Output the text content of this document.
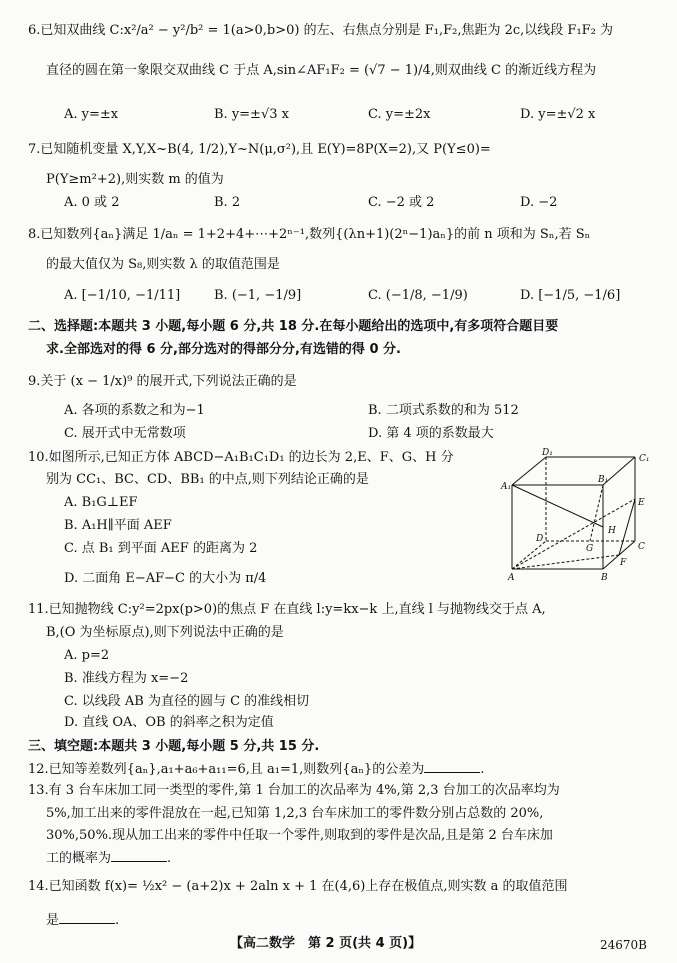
6.已知双曲线 C:x²/a² − y²/b² = 1(a>0,b>0) 的左、右焦点分别是 F₁,F₂,焦距为 2c,以线段 F₁F₂ 为
直径的圆在第一象限交双曲线 C 于点 A,sin∠AF₁F₂ = (√7 − 1)/4,则双曲线 C 的渐近线方程为
A. y=±x	B. y=±√3 x	C. y=±2x	D. y=±√2 x
7.已知随机变量 X,Y,X~B(4, 1/2),Y~N(μ,σ²),且 E(Y)=8P(X=2),又 P(Y≤0)=
P(Y≥m²+2),则实数 m 的值为
A. 0 或 2	B. 2	C. −2 或 2	D. −2
8.已知数列{aₙ}满足 1/aₙ = 1+2+4+⋯+2ⁿ⁻¹,数列{(λn+1)(2ⁿ−1)aₙ}的前 n 项和为 Sₙ,若 Sₙ
的最大值仅为 S₈,则实数 λ 的取值范围是
A. [−1/10, −1/11]	B. (−1, −1/9]	C. (−1/8, −1/9)	D. [−1/5, −1/6]
二、选择题:本题共 3 小题,每小题 6 分,共 18 分.在每小题给出的选项中,有多项符合题目要
求.全部选对的得 6 分,部分选对的得部分分,有选错的得 0 分.
9.关于 (x − 1/x)⁹ 的展开式,下列说法正确的是
A. 各项的系数之和为−1	B. 二项式系数的和为 512
C. 展开式中无常数项	D. 第 4 项的系数最大
10.如图所示,已知正方体 ABCD−A₁B₁C₁D₁ 的边长为 2,E、F、G、H 分
别为 CC₁、BC、CD、BB₁ 的中点,则下列结论正确的是
A. B₁G⊥EF
B. A₁H∥平面 AEF
C. 点 B₁ 到平面 AEF 的距离为 2
D. 二面角 E−AF−C 的大小为 π/4
D₁
C₁
A₁
B₁
E
H
D
G	C
F
A	B
11.已知抛物线 C:y²=2px(p>0)的焦点 F 在直线 l:y=kx−k 上,直线 l 与抛物线交于点 A,
B,(O 为坐标原点),则下列说法中正确的是
A. p=2
B. 准线方程为 x=−2
C. 以线段 AB 为直径的圆与 C 的准线相切
D. 直线 OA、OB 的斜率之积为定值
三、填空题:本题共 3 小题,每小题 5 分,共 15 分.
12.已知等差数列{aₙ},a₁+a₆+a₁₁=6,且 a₁=1,则数列{aₙ}的公差为	.
13.有 3 台车床加工同一类型的零件,第 1 台加工的次品率为 4%,第 2,3 台加工的次品率均为
5%,加工出来的零件混放在一起,已知第 1,2,3 台车床加工的零件数分别占总数的 20%,
30%,50%.现从加工出来的零件中任取一个零件,则取到的零件是次品,且是第 2 台车床加
工的概率为	.
14.已知函数 f(x)= ½x² − (a+2)x + 2aln x + 1 在(4,6)上存在极值点,则实数 a 的取值范围
是	.
【高二数学　第 2 页(共 4 页)】	24670B
